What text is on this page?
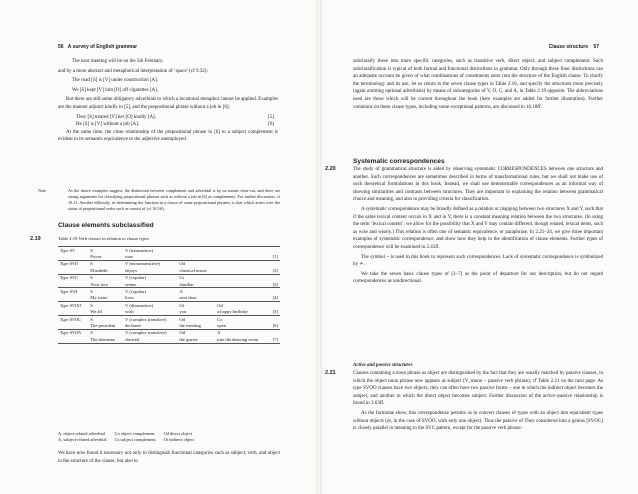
56 A survey of English grammar

The next meeting will be on the 5th February.

and by a more abstract and metaphorical interpretation of ‘space’ (cf 9.32):

The road [S] is [V] under construction [A].

We [S] kept [V] him [O] off cigarettes [A].

But there are still some obligatory adverbials to which a locational metaphor cannot be applied. Examples are the manner adjunct kindly in [5], and the prepositional phrase without a job in [6]:

They [S] treated [V] her [O] kindly [A].	[5]
He [S] is [V] without a job [A].	[6]

At the same time, the close relationship of the prepositional phrase in [6] to a subject complement is evident in its semantic equivalence to the adjective unemployed.

Note	As the above examples suggest, the distinction between complement and adverbial is by no means clear-cut, and there are strong arguments for classifying prepositional phrases such as without a job in [6] as complements. For further discussion, cf 10.11. Another difficulty, in determining the function in a clause of some prepositional phrases, is that which arises over the status of prepositional verbs such as consist of (cf 16.5ff).
Clause elements subclassified
2.19	Table 2.19 Verb classes in relation to clause types
Type SV	S	V (intransitive)			
	Prices	rose			[1]
Type SVO	S	V (monotransitive)	Od		
	Elizabeth	enjoys	classical music		[2]
Type SVC	S	V (copular)	Cs		
	Your face	seems	familiar		[3]
Type SVA	S	V (copular)	A		
	My sister	lives	next door		[4]
Type SVOO	S	V (ditransitive)	Oi	Od	
	We all	wish	you	a happy birthday	[5]
Type SVOC	S	V (complex transitive)	Od	Co	
	The president	declared	the meeting	open	[6]
Type SVOA	S	V (complex transitive)	Od	A	
	The doorman	showed	the guests	into the drawing room	[7]
A, object-related adverbial	Co object complement Od direct object
A, subject-related adverbial Cs subject complement Oi indirect object

We have now found it necessary not only to distinguish functional categories such as subject, verb, and object in the structure of the clause, but also to

Clause structure 57

subclassify these into more specific categories, such as transitive verb, direct object, and subject complement. Such subclassification is typical of both formal and functional distinctions in grammar. Only through these finer distinctions can an adequate account be given of what combinations of constituents enter into the structure of the English clause. To clarify the terminology and its use, let us return to the seven clause types in Table 2.16, and specify the structures more precisely (again omitting optional adverbials) by means of subcategories of V, O, C, and A, in Table 2.19 opposite. The abbreviations used are those which will be current throughout the book (here examples are added for further illustration). Further variations on these clause types, including some exceptional patterns, are discussed in 16.18ff.

Systematic correspondences
2.20	The study of grammatical structure is aided by observing systematic CORRESPONDENCES between one structure and another. Such correspondences are sometimes described in terms of transformational rules, but we shall not make use of such theoretical formulations in this book. Instead, we shall use demonstrable correspondences as an informal way of showing similarities and contrasts between structures. They are important in explaining the relation between grammatical choice and meaning, and also in providing criteria for classification.

A systematic correspondence may be broadly defined as a relation or mapping between two structures X and Y, such that if the same lexical content occurs in X and in Y, there is a constant meaning relation between the two structures. (In using the term ‘lexical content’, we allow for the possibility that X and Y may contain different, though related, lexical items, such as wise and wisely.) This relation is often one of semantic equivalence, or paraphrase. In 2.21–24, we give three important examples of systematic correspondence, and show how they help in the identification of clause elements. Further types of correspondence will be examined in 2.45ff.

The symbol ~ is used in this book to represent such correspondences. Lack of systematic correspondence is symbolized by ≁.

We take the seven basic clause types of [1–7] as the point of departure for our description, but do not regard correspondences as unidirectional.

Active and passive structures
2.21	Clauses containing a noun phrase as object are distinguished by the fact that they are usually matched by passive clauses, in which the object noun phrase now appears as subject (V_mono ~ passive verb phrase); cf Table 2.21 on the next page. As type SVOO clauses have two objects, they can often have two passive forms – one in which the indirect object becomes the subject, and another in which the direct object becomes subject. Further discussion of the active–passive relationship is found in 3.63ff.

As the formulae show, this correspondence permits us to convert clauses of types with an object into equivalent types without objects (or, in the case of SVOO, with only one object). Thus the passive of They considered him a genius [SVOC] is closely parallel in meaning to the SVC pattern, except for the passive verb phrase:
